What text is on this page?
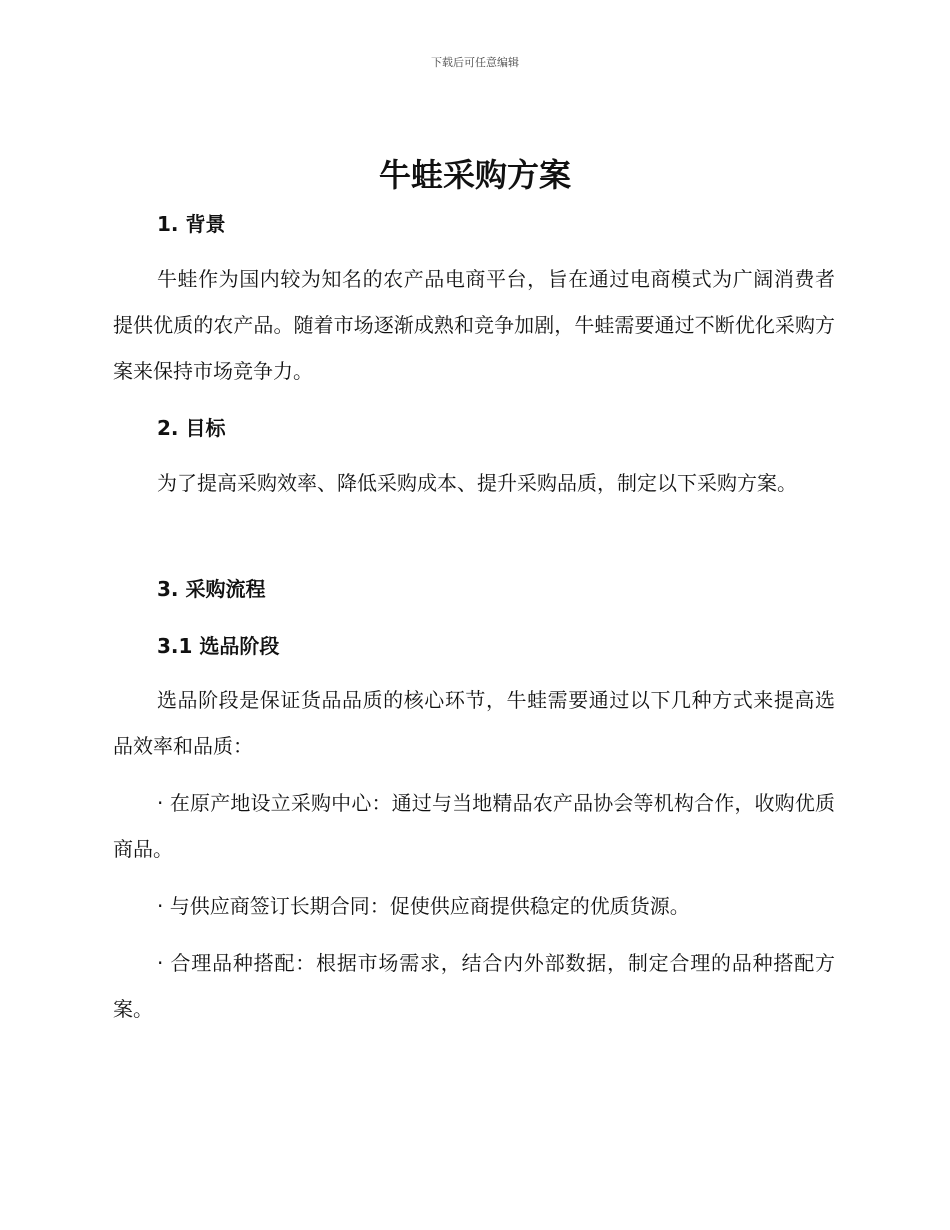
下载后可任意编辑
牛蛙采购方案
1. 背景

牛蛙作为国内较为知名的农产品电商平台，旨在通过电商模式为广阔消费者提供优质的农产品。随着市场逐渐成熟和竞争加剧，牛蛙需要通过不断优化采购方案来保持市场竞争力。

2. 目标

为了提高采购效率、降低采购成本、提升采购品质，制定以下采购方案。

3. 采购流程
3.1 选品阶段

选品阶段是保证货品品质的核心环节，牛蛙需要通过以下几种方式来提高选品效率和品质：

· 在原产地设立采购中心：通过与当地精品农产品协会等机构合作，收购优质商品。

· 与供应商签订长期合同：促使供应商提供稳定的优质货源。

· 合理品种搭配：根据市场需求，结合内外部数据，制定合理的品种搭配方案。
